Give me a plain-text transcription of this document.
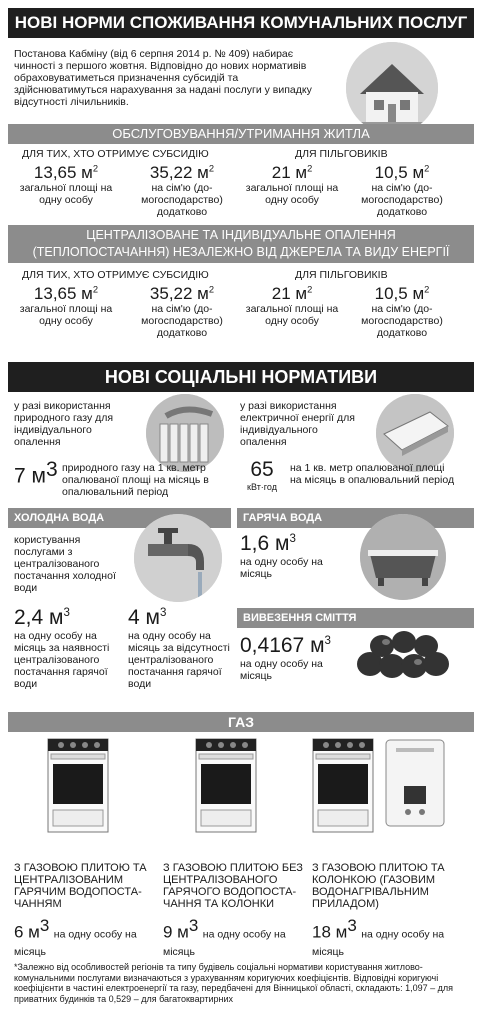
НОВІ НОРМИ СПОЖИВАННЯ КОМУНАЛЬНИХ ПОСЛУГ
Постанова Кабміну (від 6 серпня 2014 р. № 409) набирає чинності з першого жовтня. Відповідно до нових нормативів обраховуватиметься призначення субсидій та здійснюватимуться нарахування за надані послуги у випадку відсутності лічильників.
ОБСЛУГОВУВАННЯ/УТРИМАННЯ ЖИТЛА
ДЛЯ ТИХ, ХТО ОТРИМУЄ СУБСИДІЮ	ДЛЯ ПІЛЬГОВИКІВ
13,65 $м^2$
загальної площі на одну особу
35,22 $м^2$
на сім'ю (до-могосподарство) додатково
21 $м^2$
загальної площі на одну особу
10,5 $м^2$
на сім'ю (до-могосподарство) додатково
ЦЕНТРАЛІЗОВАНЕ ТА ІНДИВІДУАЛЬНЕ ОПАЛЕННЯ
(ТЕПЛОПОСТАЧАННЯ) НЕЗАЛЕЖНО ВІД ДЖЕРЕЛА ТА ВИДУ ЕНЕРГІЇ
ДЛЯ ТИХ, ХТО ОТРИМУЄ СУБСИДІЮ	ДЛЯ ПІЛЬГОВИКІВ
13,65 $м^2$
загальної площі на одну особу
35,22 $м^2$
на сім'ю (до-могосподарство) додатково
21 $м^2$
загальної площі на одну особу
10,5 $м^2$
на сім'ю (до-могосподарство) додатково
НОВІ СОЦІАЛЬНІ НОРМАТИВИ
у разі використання природного газу для індивідуального опалення
7 $м^3$ природного газу на 1 кв. метр опалюваної площі на місяць в опалювальний період
у разі використання електричної енергії для індивідуального опалення
65
кВт·год
на 1 кв. метр опалюваної площі на місяць в опалювальний період
ХОЛОДНА ВОДА
користування послугами з централізованого постачання холодної води
2,4 $м^3$
на одну особу на місяць за наявності централізованого постачання гарячої води
4 $м^3$
на одну особу на місяць за відсутності централізованого постачання гарячої води
ГАРЯЧА ВОДА
1,6 $м^3$
на одну особу на місяць
ВИВЕЗЕННЯ СМІТТЯ
0,4167 $м^3$
на одну особу на місяць
ГАЗ
З ГАЗОВОЮ ПЛИТОЮ ТА ЦЕНТРАЛІЗОВАНИМ ГАРЯЧИМ ВОДОПОСТА-ЧАННЯМ
6 $м^3$ на одну особу на місяць
З ГАЗОВОЮ ПЛИТОЮ БЕЗ ЦЕНТРАЛІЗОВАНОГО ГАРЯЧОГО ВОДОПОСТА-ЧАННЯ ТА КОЛОНКИ
9 $м^3$ на одну особу на місяць
З ГАЗОВОЮ ПЛИТОЮ ТА КОЛОНКОЮ (ГАЗОВИМ ВОДОНАГРІВАЛЬНИМ ПРИЛАДОМ)
18 $м^3$ на одну особу на місяць
*Залежно від особливостей регіонів та типу будівель соціальні нормативи користування житлово-комунальними послугами визначаються з урахуванням коригуючих коефіцієнтів. Відповідні коригуючі коефіцієнти в частині електроенергії та газу, передбачені для Вінницької області, складають: 1,097 – для приватних будинків та 0,529 – для багатоквартирних
